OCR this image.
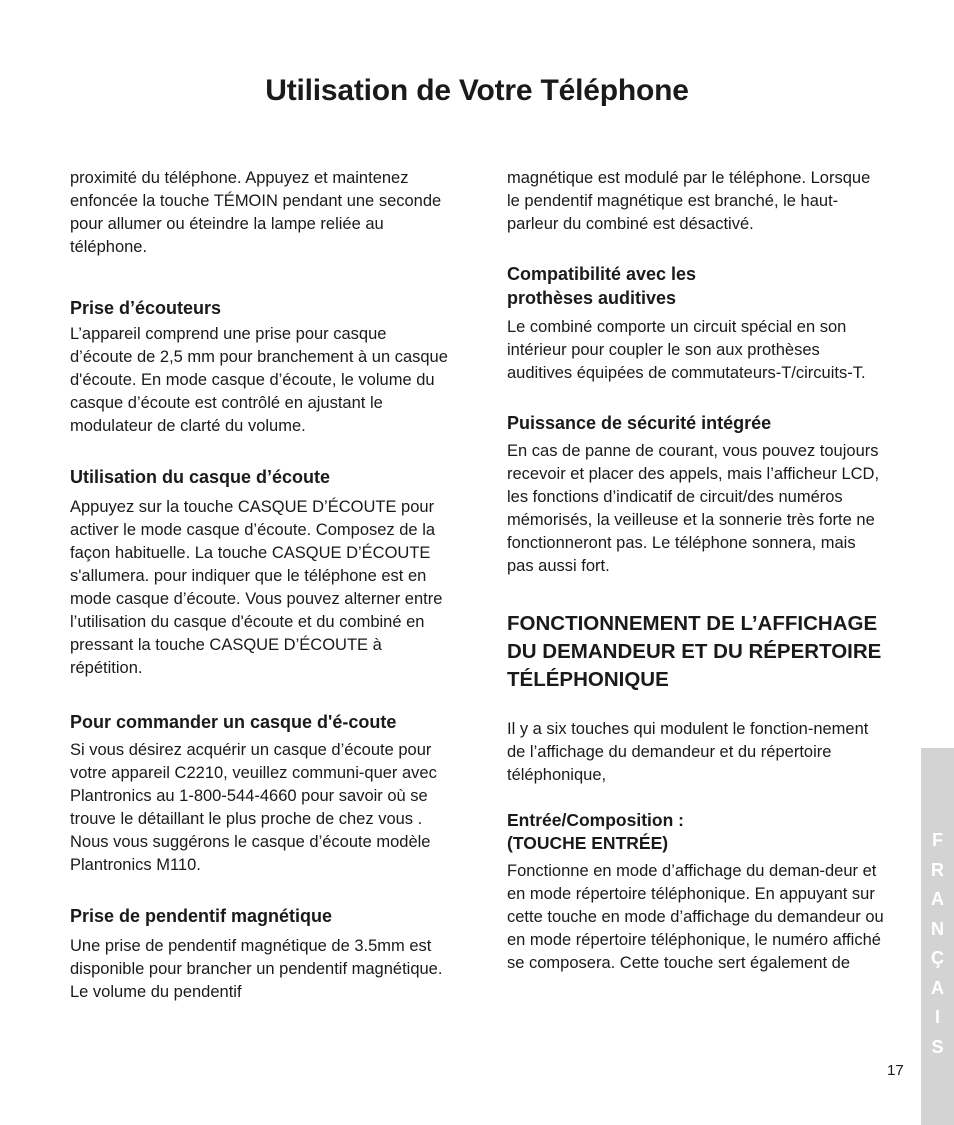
Utilisation de Votre Téléphone

proximité du téléphone. Appuyez et maintenez enfoncée la touche TÉMOIN pendant une seconde pour allumer ou éteindre la lampe reliée au téléphone.

Prise d’écouteurs

L’appareil comprend une prise pour casque d’écoute de 2,5 mm pour branchement à un casque d'écoute. En mode casque d’écoute, le volume du casque d’écoute est contrôlé en ajustant le modulateur de clarté du volume.

Utilisation du casque d’écoute

Appuyez sur la touche CASQUE D’ÉCOUTE pour activer le mode casque d’écoute. Composez de la façon habituelle. La touche CASQUE D’ÉCOUTE s'allumera. pour indiquer que le téléphone est en mode casque d’écoute. Vous pouvez alterner entre l’utilisation du casque d'écoute et du combiné en pressant la touche CASQUE D’ÉCOUTE à répétition.

Pour commander un casque d'é-coute

Si vous désirez acquérir un casque d’écoute pour votre appareil C2210, veuillez communi-quer avec Plantronics au 1-800-544-4660 pour savoir où se trouve le détaillant le plus proche de chez vous . Nous vous suggérons le casque d’écoute modèle Plantronics M110.

Prise de pendentif magnétique

Une prise de pendentif magnétique de 3.5mm est disponible pour brancher un pendentif magnétique. Le volume du pendentif

magnétique est modulé par le téléphone. Lorsque le pendentif magnétique est branché, le haut-parleur du combiné est désactivé.

Compatibilité avec les prothèses auditives

Le combiné comporte un circuit spécial en son intérieur pour coupler le son aux prothèses auditives équipées de commutateurs-T/circuits-T.

Puissance de sécurité intégrée

En cas de panne de courant, vous pouvez toujours recevoir et placer des appels, mais l’afficheur LCD, les fonctions d’indicatif de circuit/des numéros mémorisés, la veilleuse et la sonnerie très forte ne fonctionneront pas. Le téléphone sonnera, mais pas aussi fort.

FONCTIONNEMENT DE L’AFFICHAGE DU DEMANDEUR ET DU RÉPERTOIRE TÉLÉPHONIQUE

Il y a six touches qui modulent le fonction-nement de l’affichage du demandeur et du répertoire téléphonique,

Entrée/Composition : (TOUCHE ENTRÉE)

Fonctionne en mode d’affichage du deman-deur et en mode répertoire téléphonique. En appuyant sur cette touche en mode d’affichage du demandeur ou en mode répertoire téléphonique, le numéro affiché se composera. Cette touche sert également de

F
R
A
N
Ç
A
I
S
17
